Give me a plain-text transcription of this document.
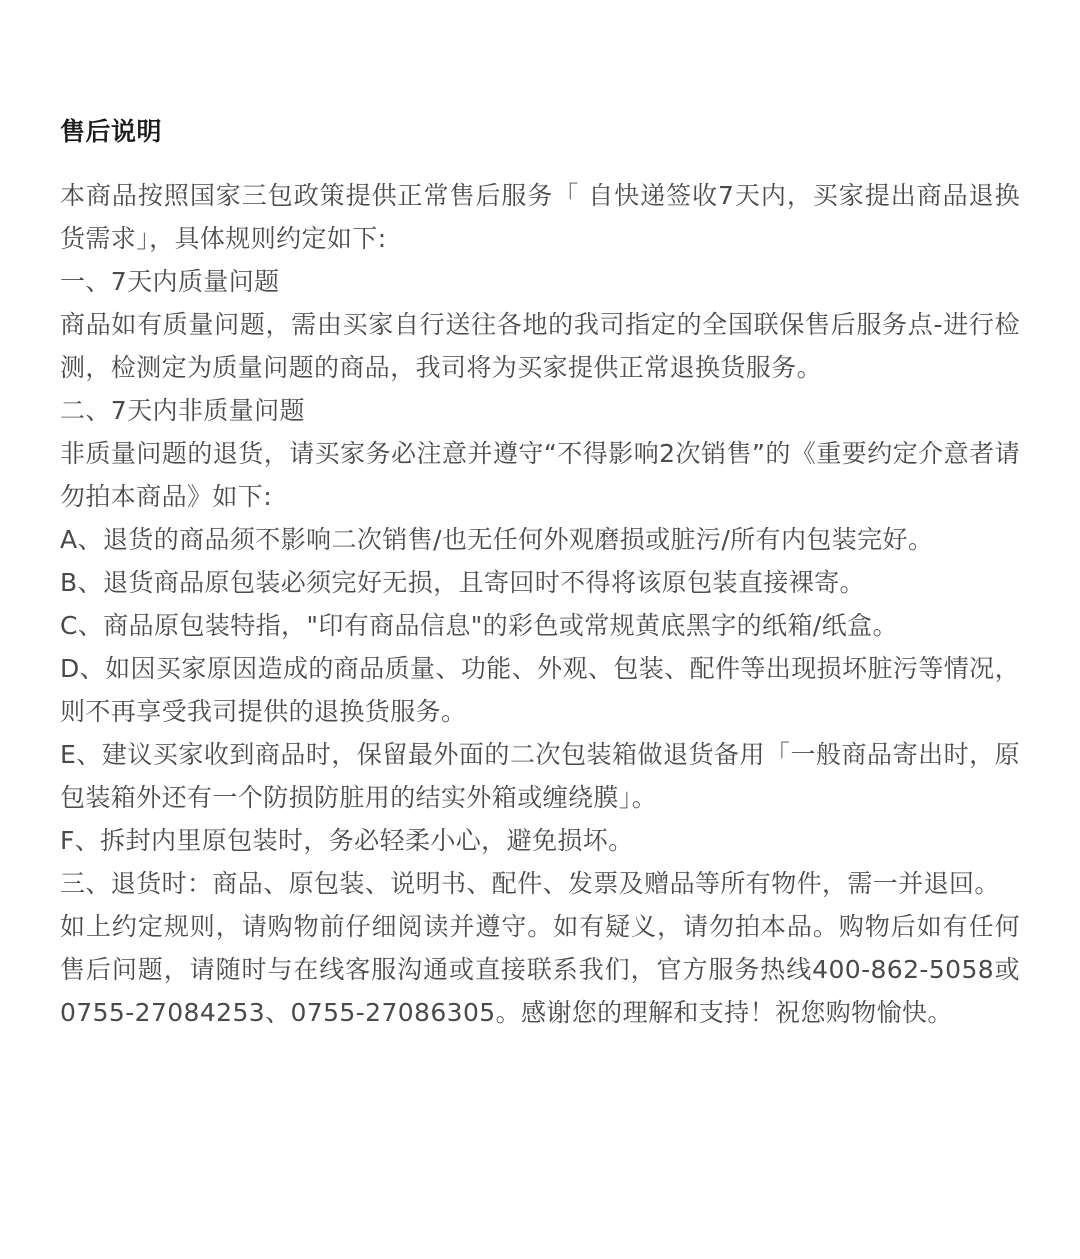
售后说明

本商品按照国家三包政策提供正常售后服务「 自快递签收7天内，买家提出商品退换货需求」，具体规则约定如下:

一、7天内质量问题

商品如有质量问题，需由买家自行送往各地的我司指定的全国联保售后服务点-进行检测，检测定为质量问题的商品，我司将为买家提供正常退换货服务。

二、7天内非质量问题

非质量问题的退货，请买家务必注意并遵守“不得影响2次销售”的《重要约定介意者请勿拍本商品》如下:

A、退货的商品须不影响二次销售/也无任何外观磨损或脏污/所有内包装完好。

B、退货商品原包装必须完好无损，且寄回时不得将该原包装直接裸寄。

C、商品原包装特指，"印有商品信息"的彩色或常规黄底黑字的纸箱/纸盒。

D、如因买家原因造成的商品质量、功能、外观、包装、配件等出现损坏脏污等情况，则不再享受我司提供的退换货服务。

E、建议买家收到商品时，保留最外面的二次包装箱做退货备用「一般商品寄出时，原包装箱外还有一个防损防脏用的结实外箱或缠绕膜」。

F、拆封内里原包装时，务必轻柔小心，避免损坏。

三、退货时：商品、原包装、说明书、配件、发票及赠品等所有物件，需一并退回。

如上约定规则，请购物前仔细阅读并遵守。如有疑义，请勿拍本品。购物后如有任何售后问题，请随时与在线客服沟通或直接联系我们，官方服务热线400-862-5058或0755-27084253、0755-27086305。感谢您的理解和支持！祝您购物愉快。
